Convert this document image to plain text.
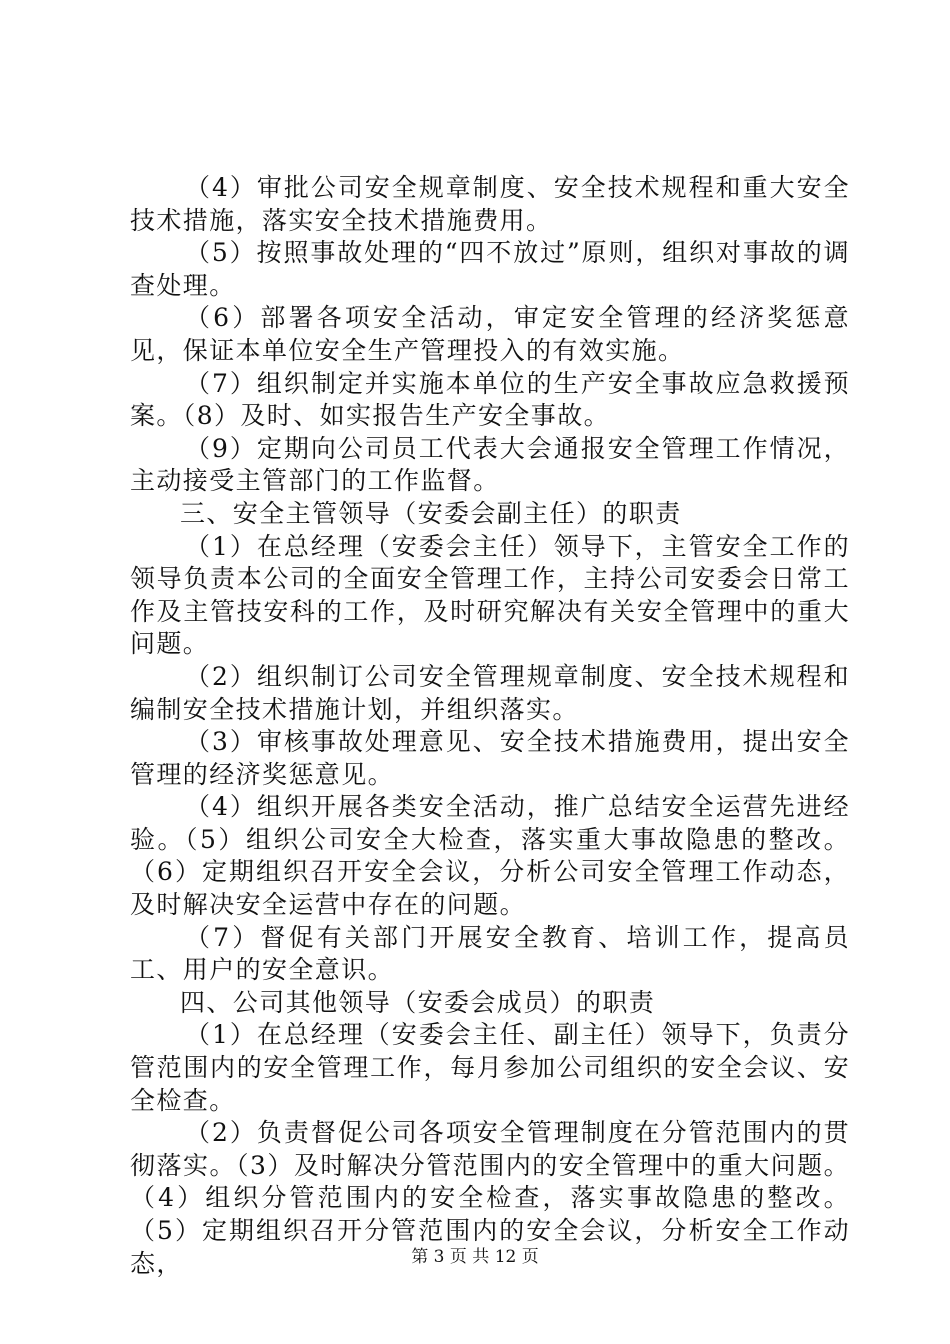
（4）审批公司安全规章制度、安全技术规程和重大安全技术措施，落实安全技术措施费用。

（5）按照事故处理的“四不放过”原则，组织对事故的调查处理。

（6）部署各项安全活动，审定安全管理的经济奖惩意见，保证本单位安全生产管理投入的有效实施。

（7）组织制定并实施本单位的生产安全事故应急救援预案。（8）及时、如实报告生产安全事故。

（9）定期向公司员工代表大会通报安全管理工作情况，主动接受主管部门的工作监督。

三、安全主管领导（安委会副主任）的职责

（1）在总经理（安委会主任）领导下，主管安全工作的领导负责本公司的全面安全管理工作，主持公司安委会日常工作及主管技安科的工作，及时研究解决有关安全管理中的重大问题。

（2）组织制订公司安全管理规章制度、安全技术规程和编制安全技术措施计划，并组织落实。

（3）审核事故处理意见、安全技术措施费用，提出安全管理的经济奖惩意见。

（4）组织开展各类安全活动，推广总结安全运营先进经验。（5）组织公司安全大检查，落实重大事故隐患的整改。（6）定期组织召开安全会议，分析公司安全管理工作动态，及时解决安全运营中存在的问题。

（7）督促有关部门开展安全教育、培训工作，提高员工、用户的安全意识。

四、公司其他领导（安委会成员）的职责

（1）在总经理（安委会主任、副主任）领导下，负责分管范围内的安全管理工作，每月参加公司组织的安全会议、安全检查。

（2）负责督促公司各项安全管理制度在分管范围内的贯彻落实。（3）及时解决分管范围内的安全管理中的重大问题。（4）组织分管范围内的安全检查，落实事故隐患的整改。（5）定期组织召开分管范围内的安全会议，分析安全工作动态，	第 3 页 共 12 页
